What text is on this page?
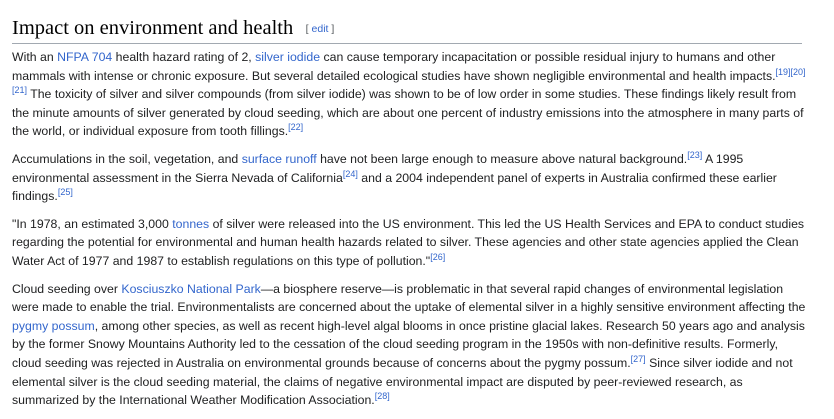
Impact on environment and health [ edit ]

With an NFPA 704 health hazard rating of 2, silver iodide can cause temporary incapacitation or possible residual injury to humans and other mammals with intense or chronic exposure. But several detailed ecological studies have shown negligible environmental and health impacts.[19][20][21] The toxicity of silver and silver compounds (from silver iodide) was shown to be of low order in some studies. These findings likely result from the minute amounts of silver generated by cloud seeding, which are about one percent of industry emissions into the atmosphere in many parts of the world, or individual exposure from tooth fillings.[22]

Accumulations in the soil, vegetation, and surface runoff have not been large enough to measure above natural background.[23] A 1995 environmental assessment in the Sierra Nevada of California[24] and a 2004 independent panel of experts in Australia confirmed these earlier findings.[25]

"In 1978, an estimated 3,000 tonnes of silver were released into the US environment. This led the US Health Services and EPA to conduct studies regarding the potential for environmental and human health hazards related to silver. These agencies and other state agencies applied the Clean Water Act of 1977 and 1987 to establish regulations on this type of pollution."[26]

Cloud seeding over Kosciuszko National Park—a biosphere reserve—is problematic in that several rapid changes of environmental legislation were made to enable the trial. Environmentalists are concerned about the uptake of elemental silver in a highly sensitive environment affecting the pygmy possum, among other species, as well as recent high-level algal blooms in once pristine glacial lakes. Research 50 years ago and analysis by the former Snowy Mountains Authority led to the cessation of the cloud seeding program in the 1950s with non-definitive results. Formerly, cloud seeding was rejected in Australia on environmental grounds because of concerns about the pygmy possum.[27] Since silver iodide and not elemental silver is the cloud seeding material, the claims of negative environmental impact are disputed by peer-reviewed research, as summarized by the International Weather Modification Association.[28]
